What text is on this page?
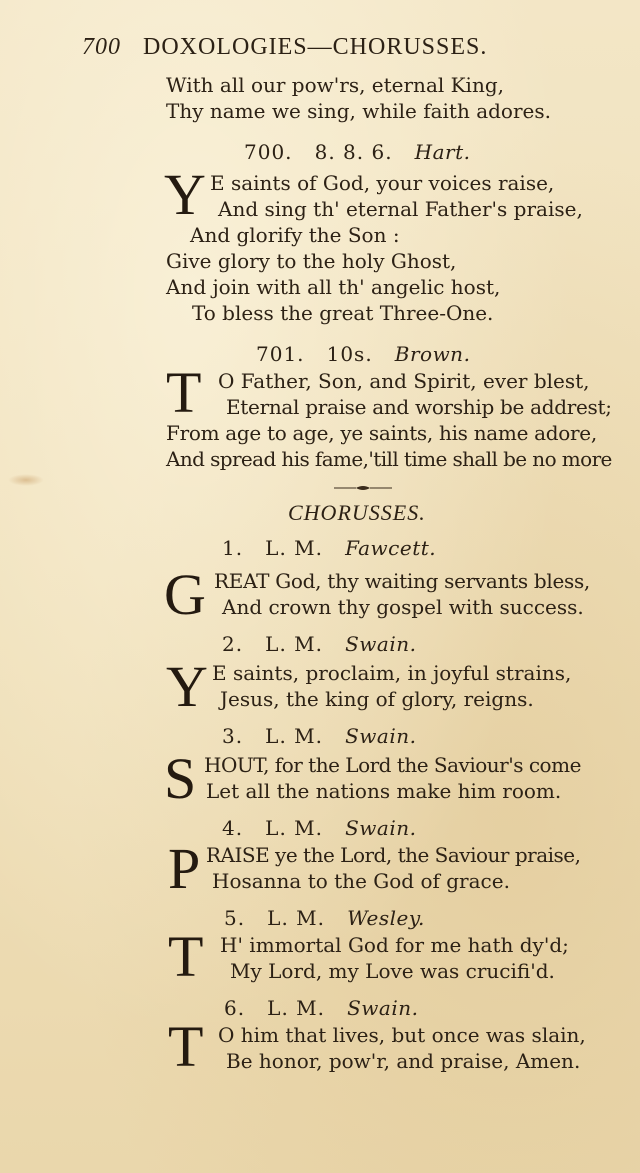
700 DOXOLOGIES—CHORUSSES.
With all our pow'rs, eternal King,
Thy name we sing, while faith adores.
700. 8. 8. 6. Hart.
Y E saints of God, your voices raise,
And sing th' eternal Father's praise,
And glorify the Son :
Give glory to the holy Ghost,
And join with all th' angelic host,
To bless the great Three-One.
701. 10s. Brown.
T O Father, Son, and Spirit, ever blest,
Eternal praise and worship be addrest;
From age to age, ye saints, his name adore,
And spread his fame,'till time shall be no more
CHORUSSES.
1. L. M. Fawcett.
G REAT God, thy waiting servants bless,
And crown thy gospel with success.
2. L. M. Swain.
Y E saints, proclaim, in joyful strains,
Jesus, the king of glory, reigns.
3. L. M. Swain.
S HOUT, for the Lord the Saviour's come
Let all the nations make him room.
4. L. M. Swain.
P RAISE ye the Lord, the Saviour praise,
Hosanna to the God of grace.
5. L. M. Wesley.
T H' immortal God for me hath dy'd;
My Lord, my Love was crucifi'd.
6. L. M. Swain.
T O him that lives, but once was slain,
Be honor, pow'r, and praise, Amen.
